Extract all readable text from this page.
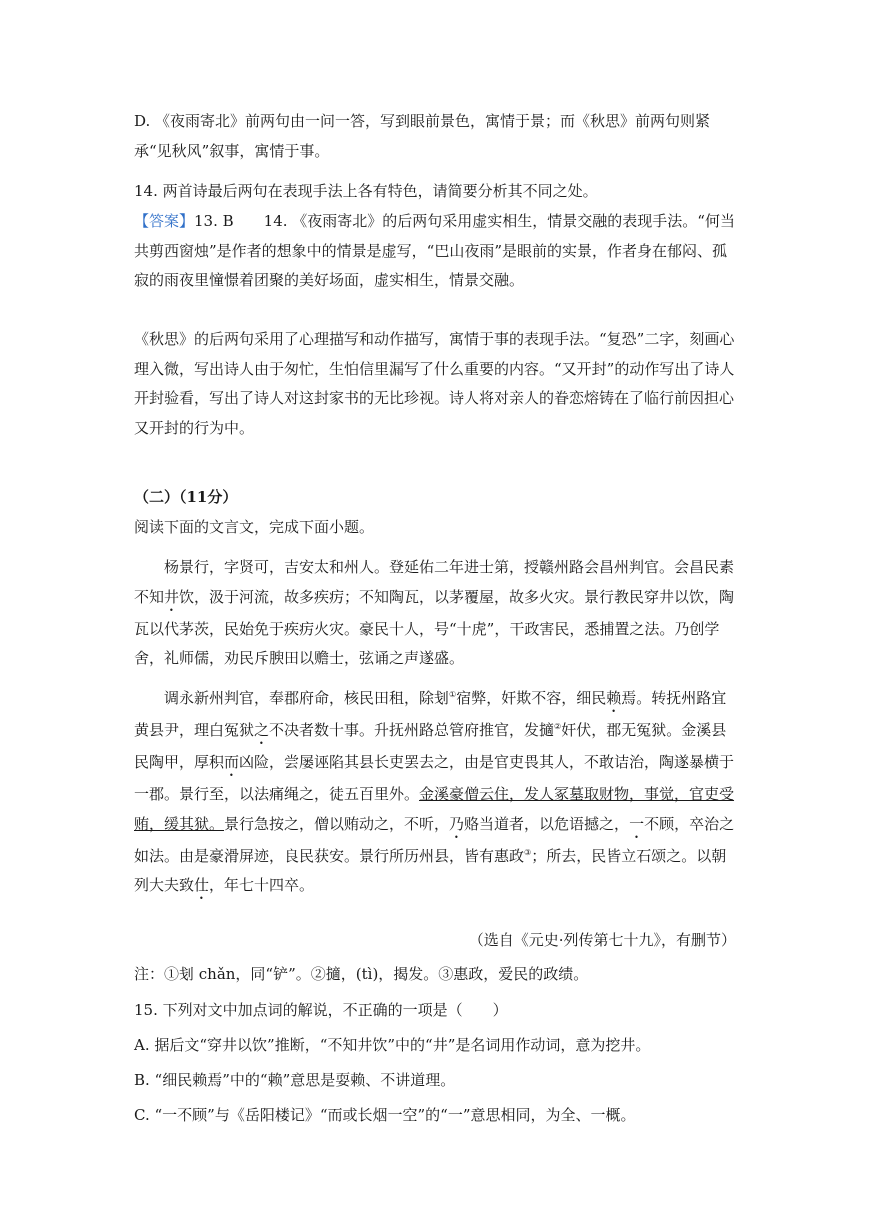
D. 《夜雨寄北》前两句由一问一答，写到眼前景色，寓情于景；而《秋思》前两句则紧承“见秋风”叙事，寓情于事。

14. 两首诗最后两句在表现手法上各有特色，请简要分析其不同之处。

【答案】13. B　　14. 《夜雨寄北》的后两句采用虚实相生，情景交融的表现手法。“何当共剪西窗烛”是作者的想象中的情景是虚写，“巴山夜雨”是眼前的实景，作者身在郁闷、孤寂的雨夜里憧憬着团聚的美好场面，虚实相生，情景交融。

《秋思》的后两句采用了心理描写和动作描写，寓情于事的表现手法。“复恐”二字，刻画心理入微，写出诗人由于匆忙，生怕信里漏写了什么重要的内容。“又开封”的动作写出了诗人开封验看，写出了诗人对这封家书的无比珍视。诗人将对亲人的眷恋熔铸在了临行前因担心又开封的行为中。

（二）（11分）

阅读下面的文言文，完成下面小题。

杨景行，字贤可，吉安太和州人。登延佑二年进士第，授赣州路会昌州判官。会昌民素不知井饮，汲于河流，故多疾疠；不知陶瓦，以茅覆屋，故多火灾。景行教民穿井以饮，陶瓦以代茅茨，民始免于疾疠火灾。豪民十人，号“十虎”，干政害民，悉捕置之法。乃创学舍，礼师儒，劝民斥腴田以赡士，弦诵之声遂盛。

调永新州判官，奉郡府命，核民田租，除刬①宿弊，奸欺不容，细民赖焉。转抚州路宜黄县尹，理白冤狱之不决者数十事。升抚州路总管府推官，发擿②奸伏，郡无冤狱。金溪县民陶甲，厚积而凶险，尝屡诬陷其县长吏罢去之，由是官吏畏其人，不敢诘治，陶遂暴横于一郡。景行至，以法痛绳之，徒五百里外。金溪豪僧云住，发人冢墓取财物，事觉，官吏受贿，缓其狱。景行急按之，僧以贿动之，不听，乃赂当道者，以危语撼之，一不顾，卒治之如法。由是豪滑屏迹，良民获安。景行所历州县，皆有惠政③；所去，民皆立石颂之。以朝列大夫致仕，年七十四卒。

（选自《元史·列传第七十九》，有删节）

注：①刬 chǎn，同“铲”。②擿，(tì)，揭发。③惠政，爱民的政绩。

15. 下列对文中加点词的解说，不正确的一项是（　　）

A. 据后文“穿井以饮”推断，“不知井饮”中的“井”是名词用作动词，意为挖井。

B. “细民赖焉”中的“赖”意思是耍赖、不讲道理。

C. “一不顾”与《岳阳楼记》“而或长烟一空”的“一”意思相同，为全、一概。
